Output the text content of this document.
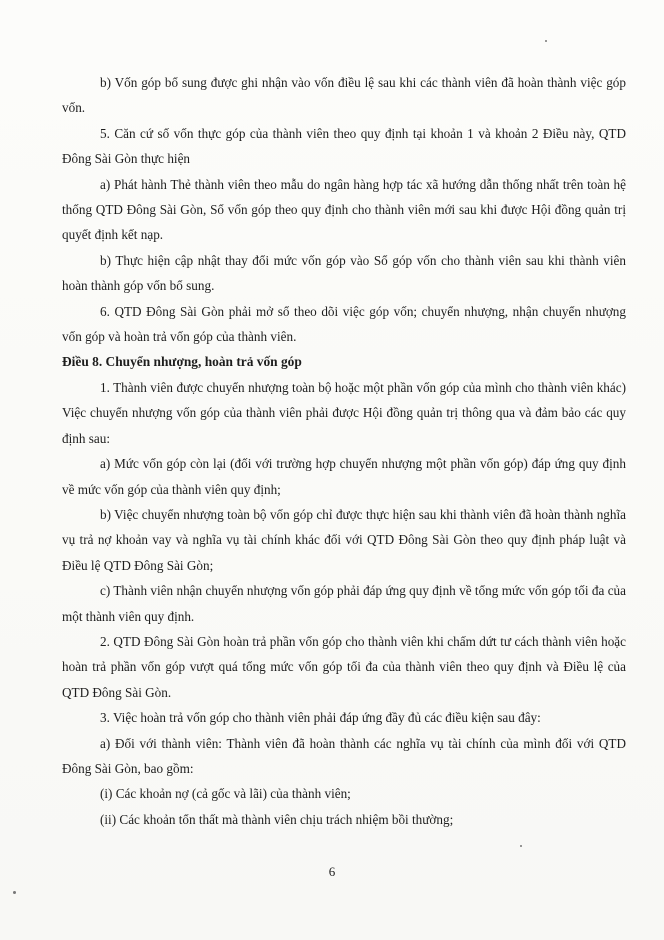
b) Vốn góp bổ sung được ghi nhận vào vốn điều lệ sau khi các thành viên đã hoàn thành việc góp vốn.

5. Căn cứ số vốn thực góp của thành viên theo quy định tại khoản 1 và khoản 2 Điều này, QTD Đông Sài Gòn thực hiện

a) Phát hành Thẻ thành viên theo mẫu do ngân hàng hợp tác xã hướng dẫn thống nhất trên toàn hệ thống QTD Đông Sài Gòn, Sổ vốn góp theo quy định cho thành viên mới sau khi được Hội đồng quản trị quyết định kết nạp.

b) Thực hiện cập nhật thay đổi mức vốn góp vào Sổ góp vốn cho thành viên sau khi thành viên hoàn thành góp vốn bổ sung.

6. QTD Đông Sài Gòn phải mở sổ theo dõi việc góp vốn; chuyển nhượng, nhận chuyển nhượng vốn góp và hoàn trả vốn góp của thành viên.

Điều 8. Chuyển nhượng, hoàn trả vốn góp

1. Thành viên được chuyển nhượng toàn bộ hoặc một phần vốn góp của mình cho thành viên khác) Việc chuyển nhượng vốn góp của thành viên phải được Hội đồng quản trị thông qua và đảm bảo các quy định sau:

a) Mức vốn góp còn lại (đối với trường hợp chuyển nhượng một phần vốn góp) đáp ứng quy định về mức vốn góp của thành viên quy định;

b) Việc chuyển nhượng toàn bộ vốn góp chỉ được thực hiện sau khi thành viên đã hoàn thành nghĩa vụ trả nợ khoản vay và nghĩa vụ tài chính khác đối với QTD Đông Sài Gòn theo quy định pháp luật và Điều lệ QTD Đông Sài Gòn;

c) Thành viên nhận chuyển nhượng vốn góp phải đáp ứng quy định về tổng mức vốn góp tối đa của một thành viên quy định.

2. QTD Đông Sài Gòn hoàn trả phần vốn góp cho thành viên khi chấm dứt tư cách thành viên hoặc hoàn trả phần vốn góp vượt quá tổng mức vốn góp tối đa của thành viên theo quy định và Điều lệ của QTD Đông Sài Gòn.

3. Việc hoàn trả vốn góp cho thành viên phải đáp ứng đầy đủ các điều kiện sau đây:

a) Đối với thành viên: Thành viên đã hoàn thành các nghĩa vụ tài chính của mình đối với QTD Đông Sài Gòn, bao gồm:

(i) Các khoản nợ (cả gốc và lãi) của thành viên;

(ii) Các khoản tổn thất mà thành viên chịu trách nhiệm bồi thường;

6
